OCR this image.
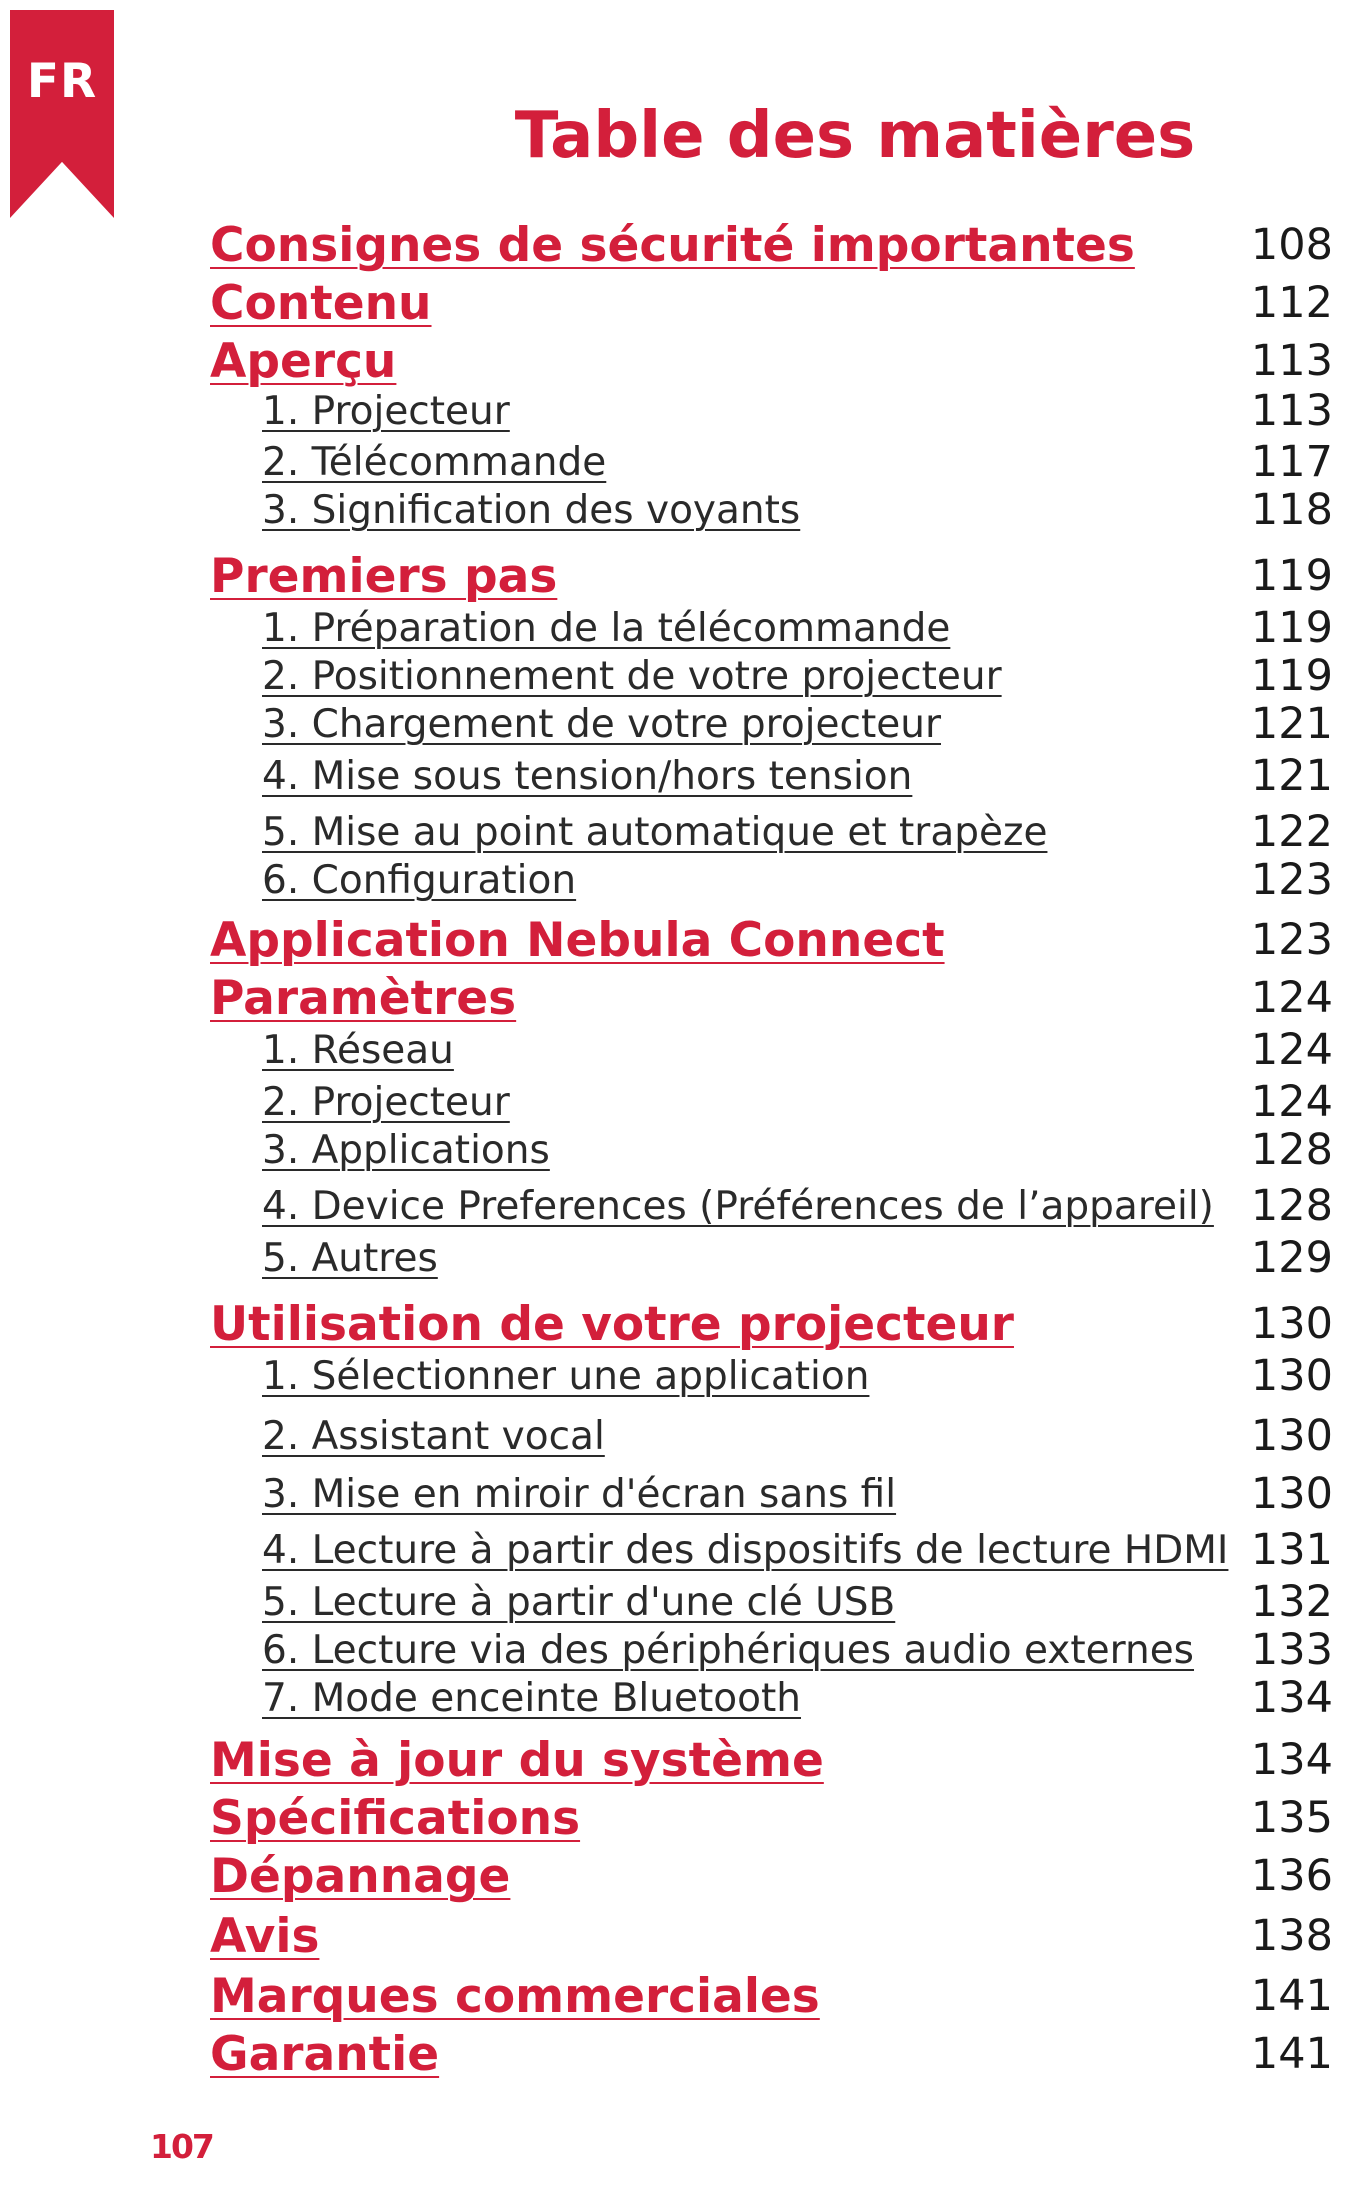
FR
Table des matières
Consignes de sécurité importantes	108
Contenu	112
Aperçu	113
1. Projecteur	113
2. Télécommande	117
3. Signification des voyants	118
Premiers pas	119
1. Préparation de la télécommande	119
2. Positionnement de votre projecteur	119
3. Chargement de votre projecteur	121
4. Mise sous tension/hors tension	121
5. Mise au point automatique et trapèze	122
6. Configuration	123
Application Nebula Connect	123
Paramètres	124
1. Réseau	124
2. Projecteur	124
3. Applications	128
4. Device Preferences (Préférences de l’appareil) 128
5. Autres	129
Utilisation de votre projecteur	130
1. Sélectionner une application	130
2. Assistant vocal	130
3. Mise en miroir d'écran sans fil	130
4. Lecture à partir des dispositifs de lecture HDMI 131
5. Lecture à partir d'une clé USB	132
6. Lecture via des périphériques audio externes	133
7. Mode enceinte Bluetooth	134
Mise à jour du système	134
Spécifications	135
Dépannage	136
Avis	138
Marques commerciales	141
Garantie	141
107
